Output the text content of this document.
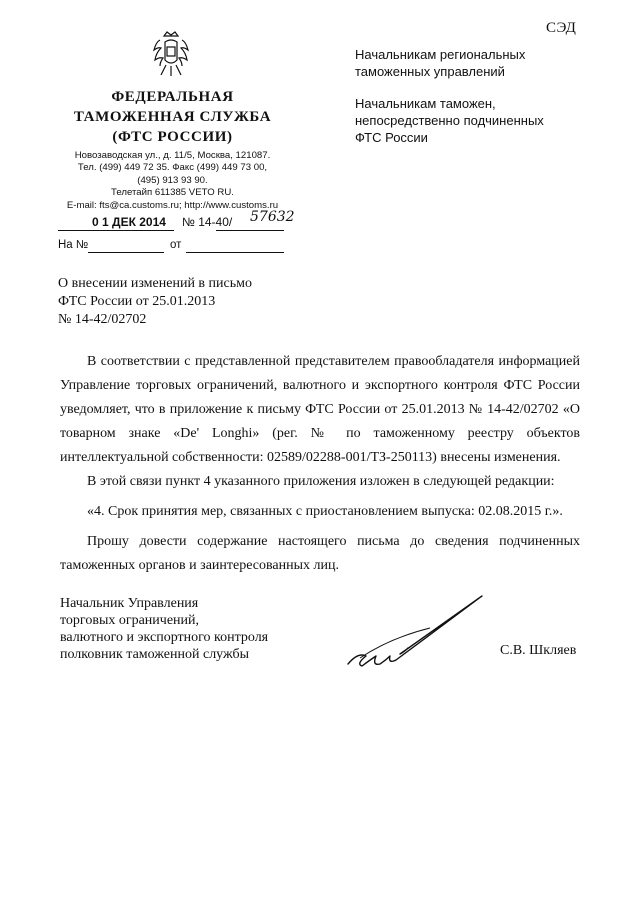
СЭД
ФЕДЕРАЛЬНАЯ
ТАМОЖЕННАЯ СЛУЖБА
(ФТС РОССИИ)
Новозаводская ул., д. 11/5, Москва, 121087.
Тел. (499) 449 72 35. Факс (499) 449 73 00,
(495) 913 93 90.
Телетайп 611385 VETO RU.
E-mail: fts@ca.customs.ru; http://www.customs.ru
0 1 ДЕК 2014 № 14-40/ 57632
На №	от
Начальникам региональных
таможенных управлений
Начальникам таможен,
непосредственно подчиненных
ФТС России
О внесении изменений в письмо
ФТС России от 25.01.2013
№ 14-42/02702

В соответствии с представленной представителем правообладателя информацией Управление торговых ограничений, валютного и экспортного контроля ФТС России уведомляет, что в приложение к письму ФТС России от 25.01.2013 № 14-42/02702 «О товарном знаке «De' Longhi» (рег. № по таможенному реестру объектов интеллектуальной собственности: 02589/02288-001/ТЗ-250113) внесены изменения.

В этой связи пункт 4 указанного приложения изложен в следующей редакции:

«4. Срок принятия мер, связанных с приостановлением выпуска: 02.08.2015 г.».

Прошу довести содержание настоящего письма до сведения подчиненных таможенных органов и заинтересованных лиц.

Начальник Управления
торговых ограничений,
валютного и экспортного контроля
полковник таможенной службы	С.В. Шкляев
